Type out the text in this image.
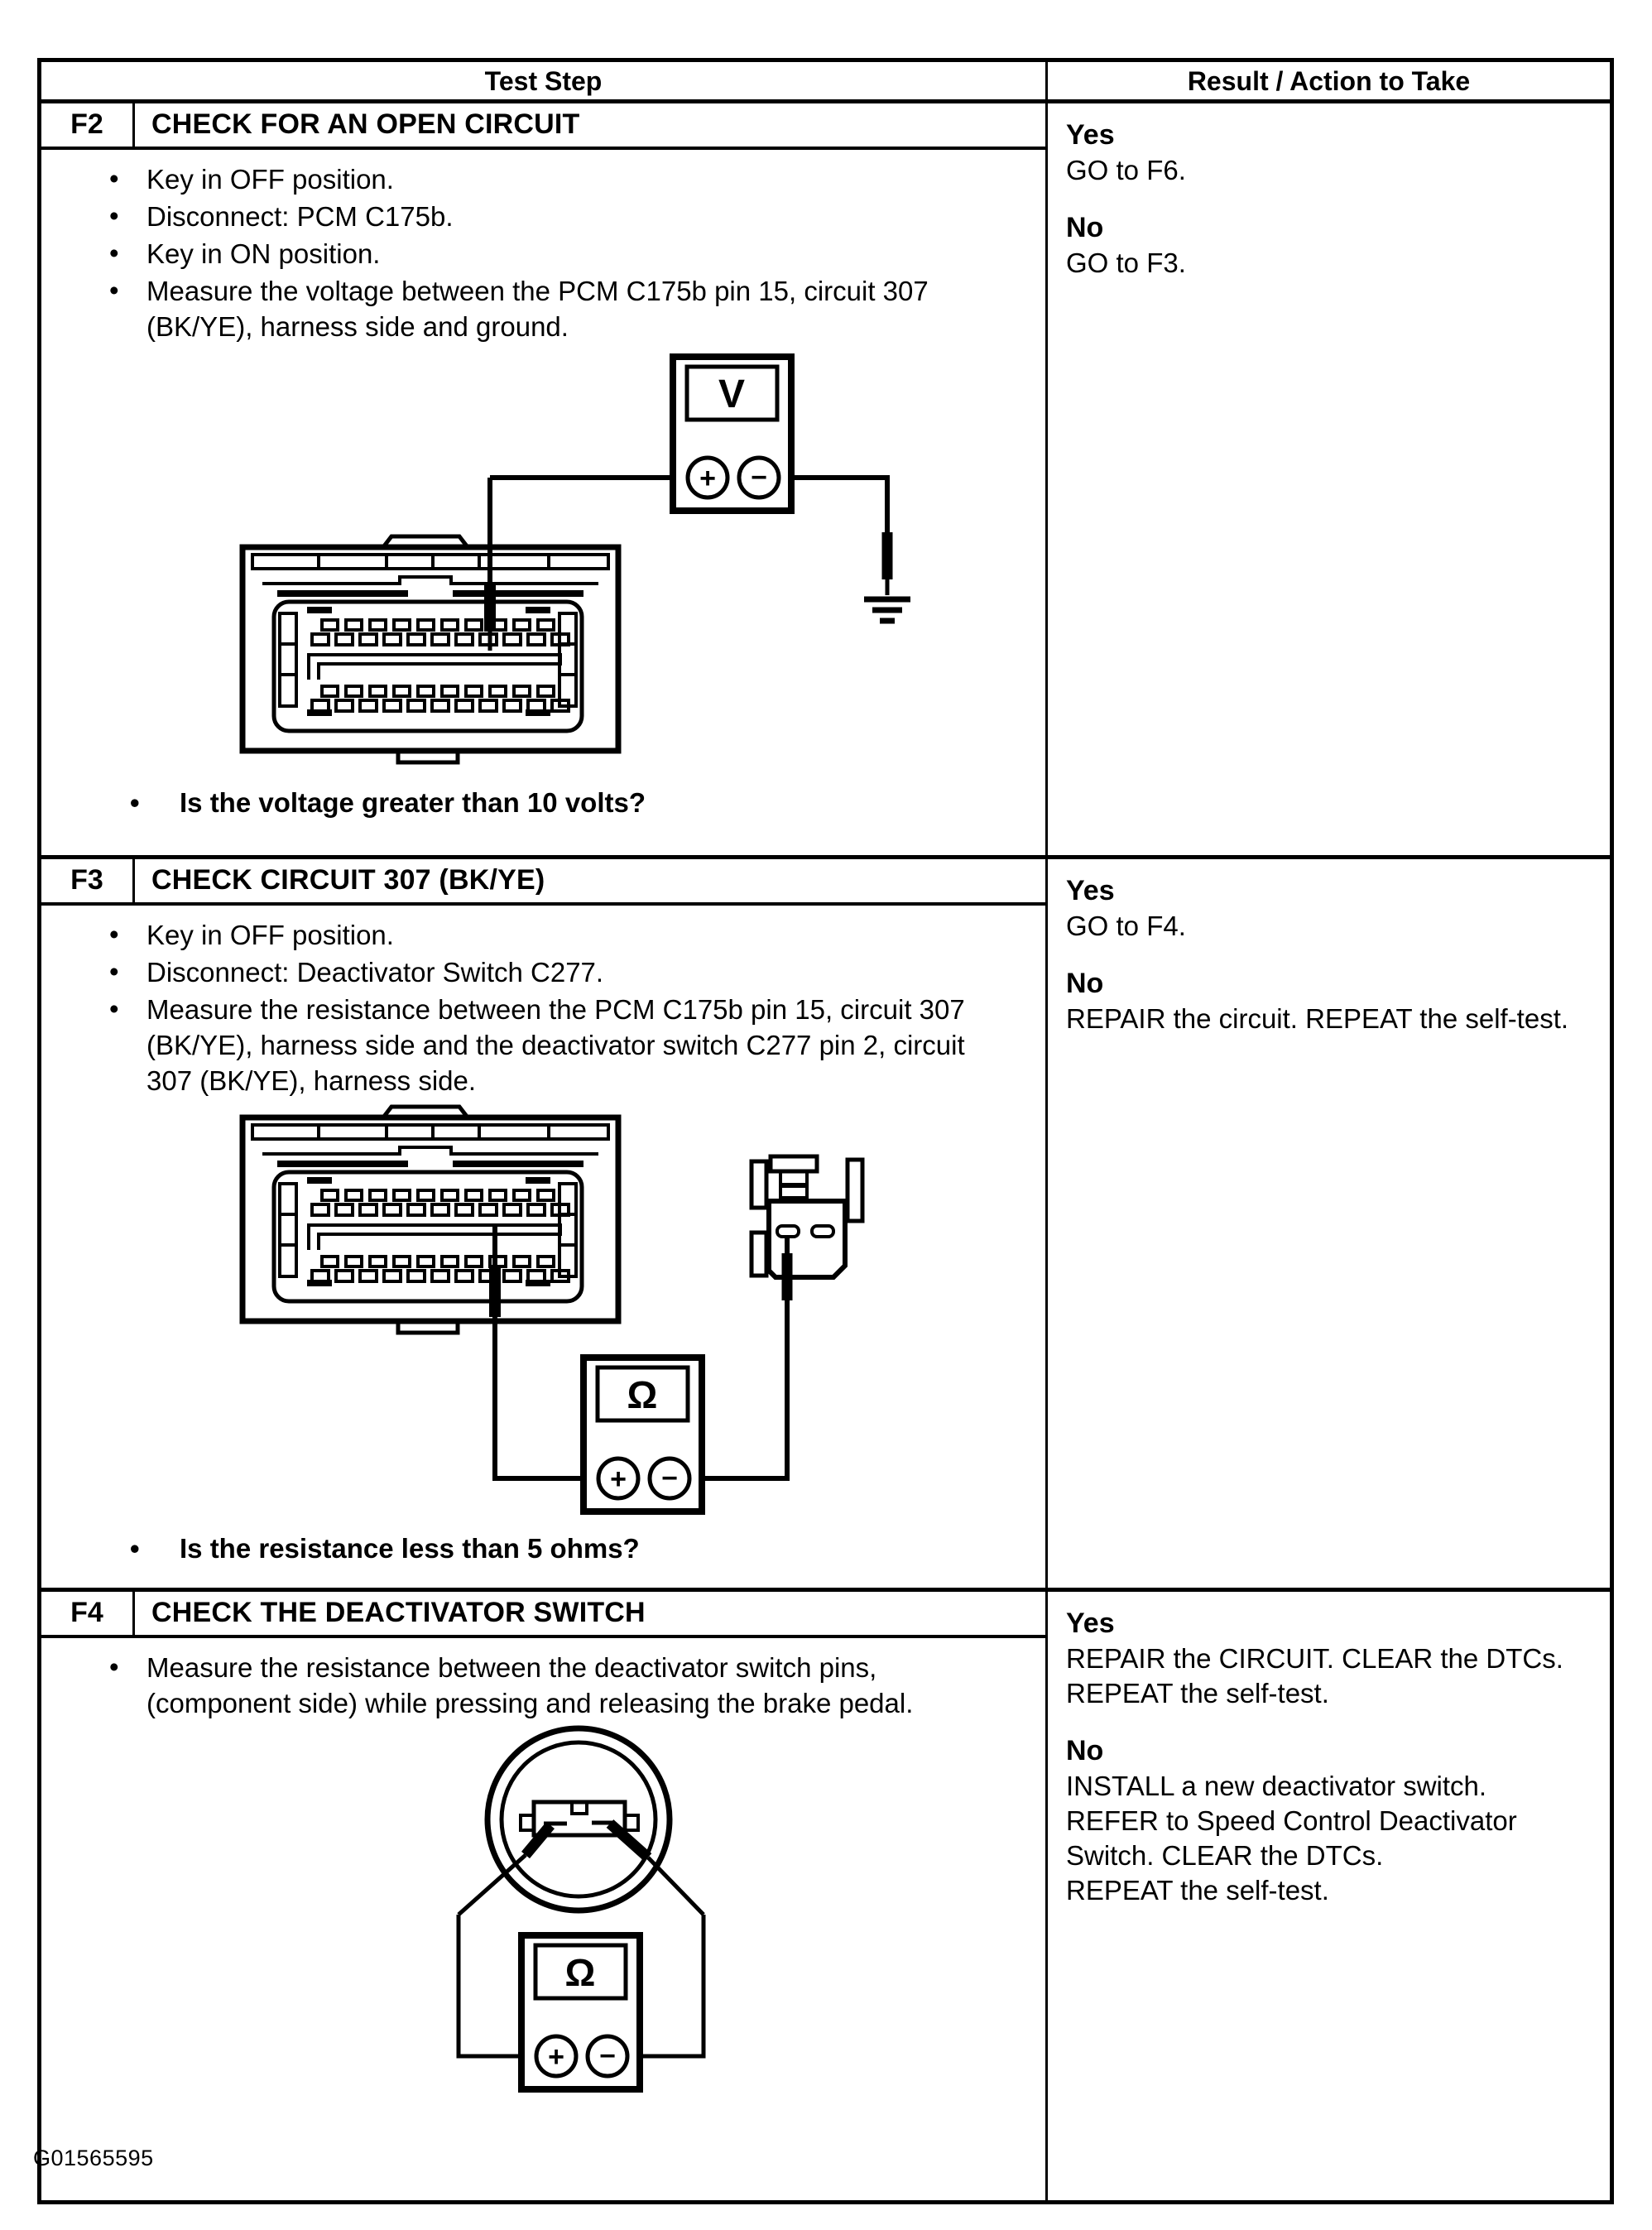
Test Step	Result / Action to Take
F2	CHECK FOR AN OPEN CIRCUIT
• Key in OFF position.
• Disconnect: PCM C175b.
• Key in ON position.
• Measure the voltage between the PCM C175b pin 15, circuit 307 (BK/YE), harness side and ground.
V
+ −

• Is the voltage greater than 10 volts?

Yes
GO to F6.
No
GO to F3.
F3	CHECK CIRCUIT 307 (BK/YE)
• Key in OFF position.
• Disconnect: Deactivator Switch C277.
• Measure the resistance between the PCM C175b pin 15, circuit 307 (BK/YE), harness side and the deactivator switch C277 pin 2, circuit 307 (BK/YE), harness side.
Ω
+ −

• Is the resistance less than 5 ohms?

Yes
GO to F4.
No
REPAIR the circuit. REPEAT the self-test.
F4	CHECK THE DEACTIVATOR SWITCH
• Measure the resistance between the deactivator switch pins, (component side) while pressing and releasing the brake pedal.
Ω
+ −
Yes
REPAIR the CIRCUIT. CLEAR the DTCs.
REPEAT the self-test.
No
INSTALL a new deactivator switch.
REFER to Speed Control Deactivator
Switch. CLEAR the DTCs.
REPEAT the self-test.
G01565595
